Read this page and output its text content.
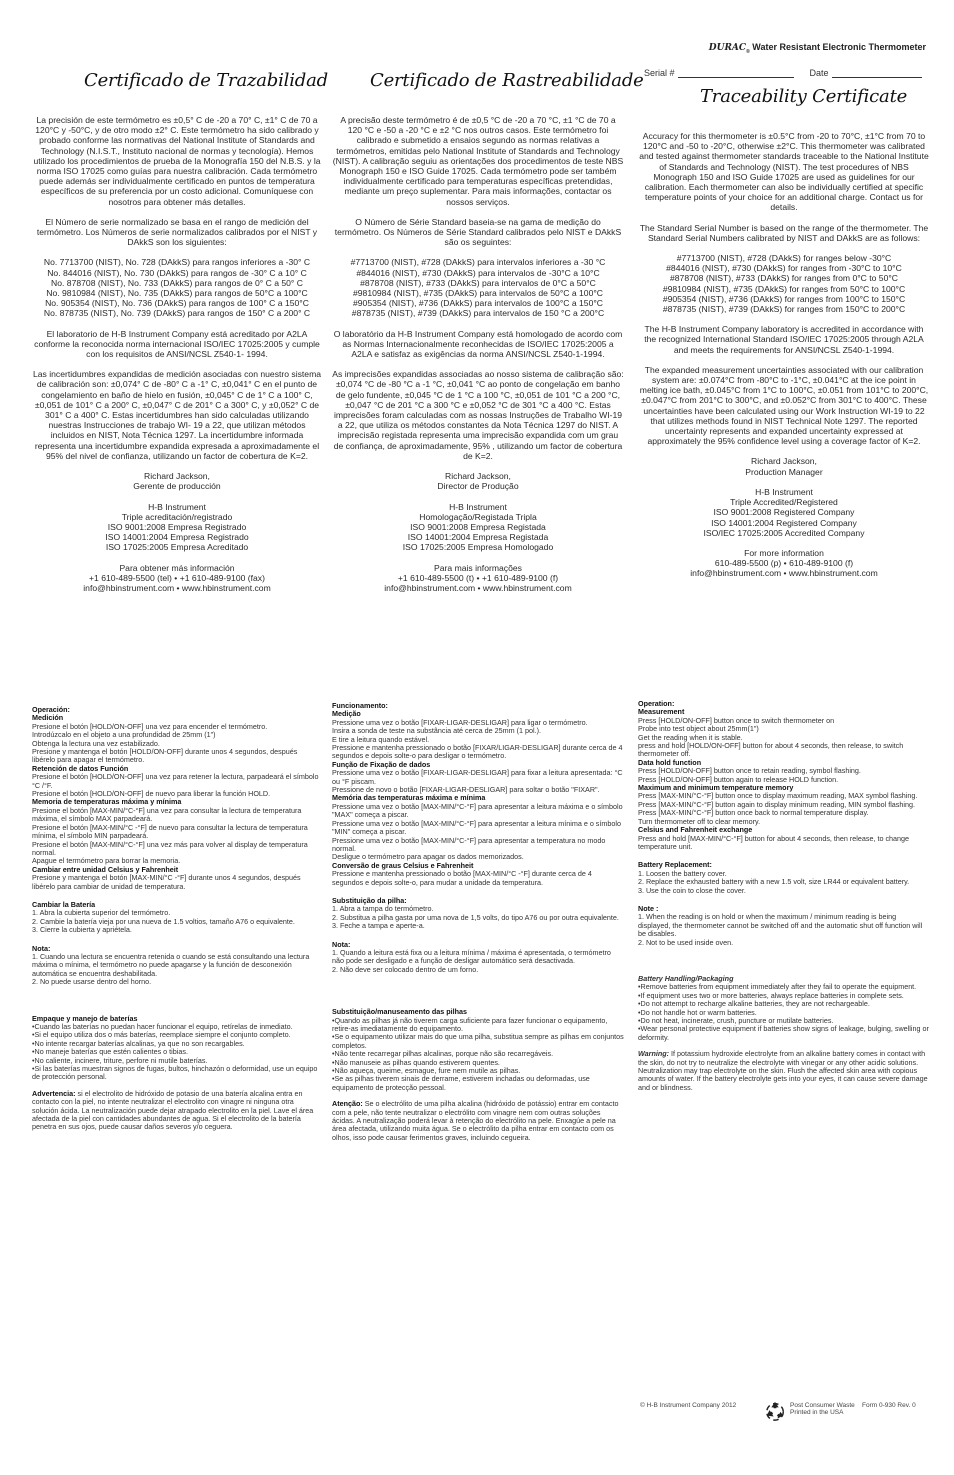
$DURAC_®$ Water Resistant Electronic Thermometer
Serial #	Date
Certificado de Trazabilidad

La precisión de este termómetro es ±0,5° C de -20 a 70° C, ±1° C de 70 a 120°C y -50°C, y de otro modo ±2° C. Este termómetro ha sido calibrado y probado conforme las normativas del National Institute of Standards and Technology (N.I.S.T., Instituto nacional de normas y tecnología). Hemos utilizado los procedimientos de prueba de la Monografía 150 del N.B.S. y la norma ISO 17025 como guías para nuestra calibración. Cada termómetro puede además ser individualmente certificado en puntos de temperatura específicos de su preferencia por un costo adicional. Comuníquese con nosotros para obtener más detalles.

El Número de serie normalizado se basa en el rango de medición del termómetro. Los Números de serie normalizados calibrados por el NIST y DAkkS son los siguientes:

No. 7713700 (NIST), No. 728 (DAkkS) para rangos inferiores a -30° C
No. 844016 (NIST), No. 730 (DAkkS) para rangos de -30° C a 10° C
No. 878708 (NIST), No. 733 (DAkkS) para rangos de 0° C a 50° C
No. 9810984 (NIST), No. 735 (DAkkS) para rangos de 50°C a 100°C
No. 905354 (NIST), No. 736 (DAkkS) para rangos de 100° C a 150°C
No. 878735 (NIST), No. 739 (DAkkS) para rangos de 150° C a 200° C

El laboratorio de H-B Instrument Company está acreditado por A2LA conforme la reconocida norma internacional ISO/IEC 17025:2005 y cumple con los requisitos de ANSI/NCSL Z540-1- 1994.

Las incertidumbres expandidas de medición asociadas con nuestro sistema de calibración son: ±0,074° C de -80° C a -1° C, ±0,041° C en el punto de congelamiento en baño de hielo en fusión, ±0,045° C de 1° C a 100° C, ±0,051 de 101° C a 200° C, ±0,047° C de 201° C a 300° C, y ±0,052° C de 301° C a 400° C. Estas incertidumbres han sido calculadas utilizando nuestras Instrucciones de trabajo WI- 19 a 22, que utilizan métodos incluidos en NIST, Nota Técnica 1297. La incertidumbre informada representa una incertidumbre expandida expresada a aproximadamente el 95% del nivel de confianza, utilizando un factor de cobertura de K=2.

Richard Jackson,
Gerente de producción

H-B Instrument
Triple acreditación/registrado
ISO 9001:2008 Empresa Registrado
ISO 14001:2004 Empresa Registrado
ISO 17025:2005 Empresa Acreditado

Para obtener más información
+1 610-489-5500 (tel) • +1 610-489-9100 (fax)
info@hbinstrument.com • www.hbinstrument.com

Certificado de Rastreabilidade

A precisão deste termómetro é de ±0,5 °C de -20 a 70 °C, ±1 °C de 70 a 120 °C e -50 a -20 °C e ±2 °C nos outros casos. Este termómetro foi calibrado e submetido a ensaios segundo as normas relativas a termómetros, emitidas pelo National Institute of Standards and Technology (NIST). A calibração seguiu as orientações dos procedimentos de teste NBS Monograph 150 e ISO Guide 17025. Cada termómetro pode ser também individualmente certificado para temperaturas específicas pretendidas, mediante um preço suplementar. Para mais informações, contactar os nossos serviços.

O Número de Série Standard baseia-se na gama de medição do termómetro. Os Números de Série Standard calibrados pelo NIST e DAkkS são os seguintes:

#7713700 (NIST), #728 (DAkkS) para intervalos inferiores a -30 °C
#844016 (NIST), #730 (DAkkS) para intervalos de -30°C a 10°C
#878708 (NIST), #733 (DAkkS) para intervalos de 0°C a 50°C
#9810984 (NIST), #735 (DAkkS) para intervalos de 50°C a 100°C
#905354 (NIST), #736 (DAkkS) para intervalos de 100°C a 150°C
#878735 (NIST), #739 (DAkkS) para intervalos de 150 °C a 200°C

O laboratório da H-B Instrument Company está homologado de acordo com as Normas Internacionalmente reconhecidas de ISO/IEC 17025:2005 a A2LA e satisfaz as exigências da norma ANSI/NCSL Z540-1-1994.

As imprecisões expandidas associadas ao nosso sistema de calibração são: ±0,074 °C de -80 °C a -1 °C, ±0,041 °C ao ponto de congelação em banho de gelo fundente, ±0,045 °C de 1 °C a 100 °C, ±0,051 de 101 °C a 200 °C, ±0,047 °C de 201 °C a 300 °C e ±0,052 °C de 301 °C a 400 °C. Estas imprecisões foram calculadas com as nossas Instruções de Trabalho WI-19 a 22, que utiliza os métodos constantes da Nota Técnica 1297 do NIST. A imprecisão registada representa uma imprecisão expandida com um grau de confiança, de aproximadamente, 95% , utilizando um factor de cobertura de K=2.

Richard Jackson,
Director de Produção

H-B Instrument
Homologação/Registada Tripla
ISO 9001:2008 Empresa Registada
ISO 14001:2004 Empresa Registada
ISO 17025:2005 Empresa Homologado

Para mais informações
+1 610-489-5500 (t) • +1 610-489-9100 (f)
info@hbinstrument.com • www.hbinstrument.com

Traceability Certificate

Accuracy for this thermometer is ±0.5°C from -20 to 70°C, ±1°C from 70 to 120°C and -50 to -20°C, otherwise ±2°C. This thermometer was calibrated and tested against thermometer standards traceable to the National Institute of Standards and Technology (NIST). The test procedures of NBS Monograph 150 and ISO Guide 17025 are used as guidelines for our calibration. Each thermometer can also be individually certified at specific temperature points of your choice for an additional charge. Contact us for details.

The Standard Serial Number is based on the range of the thermometer. The Standard Serial Numbers calibrated by NIST and DAkkS are as follows:

#7713700 (NIST), #728 (DAkkS) for ranges below -30°C
#844016 (NIST), #730 (DAkkS) for ranges from -30°C to 10°C
#878708 (NIST), #733 (DAkkS) for ranges from 0°C to 50°C
#9810984 (NIST), #735 (DAkkS) for ranges from 50°C to 100°C
#905354 (NIST), #736 (DAkkS) for ranges from 100°C to 150°C
#878735 (NIST), #739 (DAkkS) for ranges from 150°C to 200°C

The H-B Instrument Company laboratory is accredited in accordance with the recognized International Standard ISO/IEC 17025:2005 through A2LA and meets the requirements for ANSI/NCSL Z540-1-1994.

The expanded measurement uncertainties associated with our calibration system are: ±0.074°C from -80°C to -1°C, ±0.041°C at the ice point in melting ice bath, ±0.045°C from 1°C to 100°C, ±0.051 from 101°C to 200°C, ±0.047°C from 201°C to 300°C, and ±0.052°C from 301°C to 400°C. These uncertainties have been calculated using our Work Instruction WI-19 to 22 that utilizes methods found in NIST Technical Note 1297. The reported uncertainty represents and expanded uncertainty expressed at approximately the 95% confidence level using a coverage factor of K=2.

Richard Jackson,
Production Manager

H-B Instrument
Triple Accredited/Registered
ISO 9001:2008 Registered Company
ISO 14001:2004 Registered Company
ISO/IEC 17025:2005 Accredited Company

For more information
610-489-5500 (p) • 610-489-9100 (f)
info@hbinstrument.com • www.hbinstrument.com

Operación:
Medición
Presione el botón [HOLD/ON-OFF] una vez para encender el termómetro.
Introdúzcalo en el objeto a una profundidad de 25mm (1")
Obtenga la lectura una vez estabilizado.
Presione y mantenga el botón [HOLD/ON-OFF] durante unos 4 segundos, después libérelo para apagar el termómetro.
Retención de datos Función
Presione el botón [HOLD/ON-OFF] una vez para retener la lectura, parpadeará el símbolo °C /°F.
Presione el botón [HOLD/ON-OFF] de nuevo para liberar la función HOLD.
Memoria de temperaturas máxima y mínima
Presione el botón [MAX-MIN/°C-°F] una vez para consultar la lectura de temperatura máxima, el símbolo MAX parpadeará.
Presione el botón [MAX-MIN/°C -°F] de nuevo para consultar la lectura de temperatura mínima, el símbolo MIN parpadeará.
Presione el botón [MAX-MIN/°C-°F] una vez más para volver al display de temperatura normal.
Apague el termómetro para borrar la memoria.
Cambiar entre unidad Celsius y Fahrenheit
Presione y mantenga el botón [MAX-MIN/°C -°F] durante unos 4 segundos, después libérelo para cambiar de unidad de temperatura.
Cambiar la Batería
1. Abra la cubierta superior del termómetro.
2. Cambie la batería vieja por una nueva de 1.5 voltios, tamaño A76 o equivalente.
3. Cierre la cubierta y apriétela.
Nota:
1. Cuando una lectura se encuentra retenida o cuando se está consultando una lectura máxima o mínima, el termómetro no puede apagarse y la función de desconexión automática se encuentra deshabilitada.
2. No puede usarse dentro del horno.
Empaque y manejo de baterías
•Cuando las baterías no puedan hacer funcionar el equipo, retírelas de inmediato.
•Si el equipo utiliza dos o más baterías, reemplace siempre el conjunto completo.
•No intente recargar baterías alcalinas, ya que no son recargables.
•No maneje baterías que estén calientes o tibias.
•No caliente, incinere, triture, perfore ni mutile baterías.
•Si las baterías muestran signos de fugas, bultos, hinchazón o deformidad, use un equipo de protección personal.
Advertencia: si el electrolito de hidróxido de potasio de una batería alcalina entra en contacto con la piel, no intente neutralizar el electrolito con vinagre ni ninguna otra solución ácida. La neutralización puede dejar atrapado electrolito en la piel. Lave el área afectada de la piel con cantidades abundantes de agua. Si el electrolito de la batería penetra en sus ojos, puede causar daños severos y/o ceguera.
Funcionamento:
Medição
Pressione uma vez o botão [FIXAR-LIGAR-DESLIGAR] para ligar o termómetro.
Insira a sonda de teste na substância até cerca de 25mm (1 pol.).
E tire a leitura quando estável.
Pressione e mantenha pressionado o botão [FIXAR/LIGAR-DESLIGAR] durante cerca de 4 segundos e depois solte-o para desligar o termómetro.
Função de Fixação de dados
Pressione uma vez o botão [FIXAR-LIGAR-DESLIGAR] para fixar a leitura apresentada: °C ou °F piscam.
Pressione de novo o botão [FIXAR-LIGAR-DESLIGAR] para soltar o botão "FIXAR".
Memória das temperaturas máxima e mínima
Pressione uma vez o botão [MAX-MIN/°C-°F] para apresentar a leitura máxima e o símbolo "MAX" começa a piscar.
Pressione uma vez o botão [MAX-MIN/°C-°F] para apresentar a leitura mínima e o símbolo "MIN" começa a piscar.
Pressione uma vez o botão [MAX-MIN/°C-°F] para apresentar a temperatura no modo normal.
Desligue o termómetro para apagar os dados memorizados.
Conversão de graus Celsius e Fahrenheit
Pressione e mantenha pressionado o botão [MAX-MIN/°C -°F] durante cerca de 4 segundos e depois solte-o, para mudar a unidade da temperatura.
Substituição da pilha:
1. Abra a tampa do termómetro.
2. Substitua a pilha gasta por uma nova de 1,5 volts, do tipo A76 ou por outra equivalente.
3. Feche a tampa e aperte-a.
Nota:
1. Quando a leitura está fixa ou a leitura mínima / máxima é apresentada, o termómetro não pode ser desligado e a função de desligar automático será desactivada.
2. Não deve ser colocado dentro de um forno.
Substituição/manuseamento das pilhas
•Quando as pilhas já não tiverem carga suficiente para fazer funcionar o equipamento, retire-as imediatamente do equipamento.
•Se o equipamento utilizar mais do que uma pilha, substitua sempre as pilhas em conjuntos completos.
•Não tente recarregar pilhas alcalinas, porque não são recarregáveis.
•Não manuseie as pilhas quando estiverem quentes.
•Não aqueça, queime, esmague, fure nem mutile as pilhas.
•Se as pilhas tiverem sinais de derrame, estiverem inchadas ou deformadas, use equipamento de protecção pessoal.
Atenção: Se o electrólito de uma pilha alcalina (hidróxido de potássio) entrar em contacto com a pele, não tente neutralizar o electrólito com vinagre nem com outras soluções ácidas. A neutralização poderá levar à retenção do electrólito na pele. Enxagúe a pele na área afectada, utilizando muita água. Se o electrólito da pilha entrar em contacto com os olhos, isso pode causar ferimentos graves, incluindo cegueira.
Operation:
Measurement
Press [HOLD/ON-OFF] button once to switch thermometer on
Probe into test object about 25mm(1")
Get the reading when it is stable.
press and hold [HOLD/ON-OFF] button for about 4 seconds, then release, to switch thermometer off.
Data hold function
Press [HOLD/ON-OFF] button once to retain reading, symbol flashing.
Press [HOLD/ON-OFF] button again to release HOLD function.
Maximum and minimum temperature memory
Press [MAX-MIN/°C-°F] button once to display maximum reading, MAX symbol flashing.
Press [MAX-MIN/°C-°F] button again to display minimum reading, MIN symbol flashing.
Press [MAX-MIN/°C-°F] button once back to normal temperature display.
Turn thermometer off to clear memory.
Celsius and Fahrenheit exchange
Press and hold [MAX-MIN/°C-°F] button for about 4 seconds, then release, to change temperature unit.
Battery Replacement:
1. Loosen the battery cover.
2. Replace the exhausted battery with a new 1.5 volt, size LR44 or equivalent battery.
3. Use the coin to close the cover.
Note :
1. When the reading is on hold or when the maximum / minimum reading is being displayed, the thermometer cannot be switched off and the automatic shut off function will be disables.
2. Not to be used inside oven.
Battery Handling/Packaging
•Remove batteries from equipment immediately after they fail to operate the equipment.
•If equipment uses two or more batteries, always replace batteries in complete sets.
•Do not attempt to recharge alkaline batteries, they are not rechargeable.
•Do not handle hot or warm batteries.
•Do not heat, incinerate, crush, puncture or mutilate batteries.
•Wear personal protective equipment if batteries show signs of leakage, bulging, swelling or deformity.
Warning: If potassium hydroxide electrolyte from an alkaline battery comes in contact with the skin, do not try to neutralize the electrolyte with vinegar or any other acidic solutions. Neutralization may trap electrolyte on the skin. Flush the affected skin area with copious amounts of water. If the battery electrolyte gets into your eyes, it can cause severe damage and or blindness.
© H-B Instrument Company 2012	Post Consumer Waste
Printed in the USA
Form 0-930 Rev. 0
